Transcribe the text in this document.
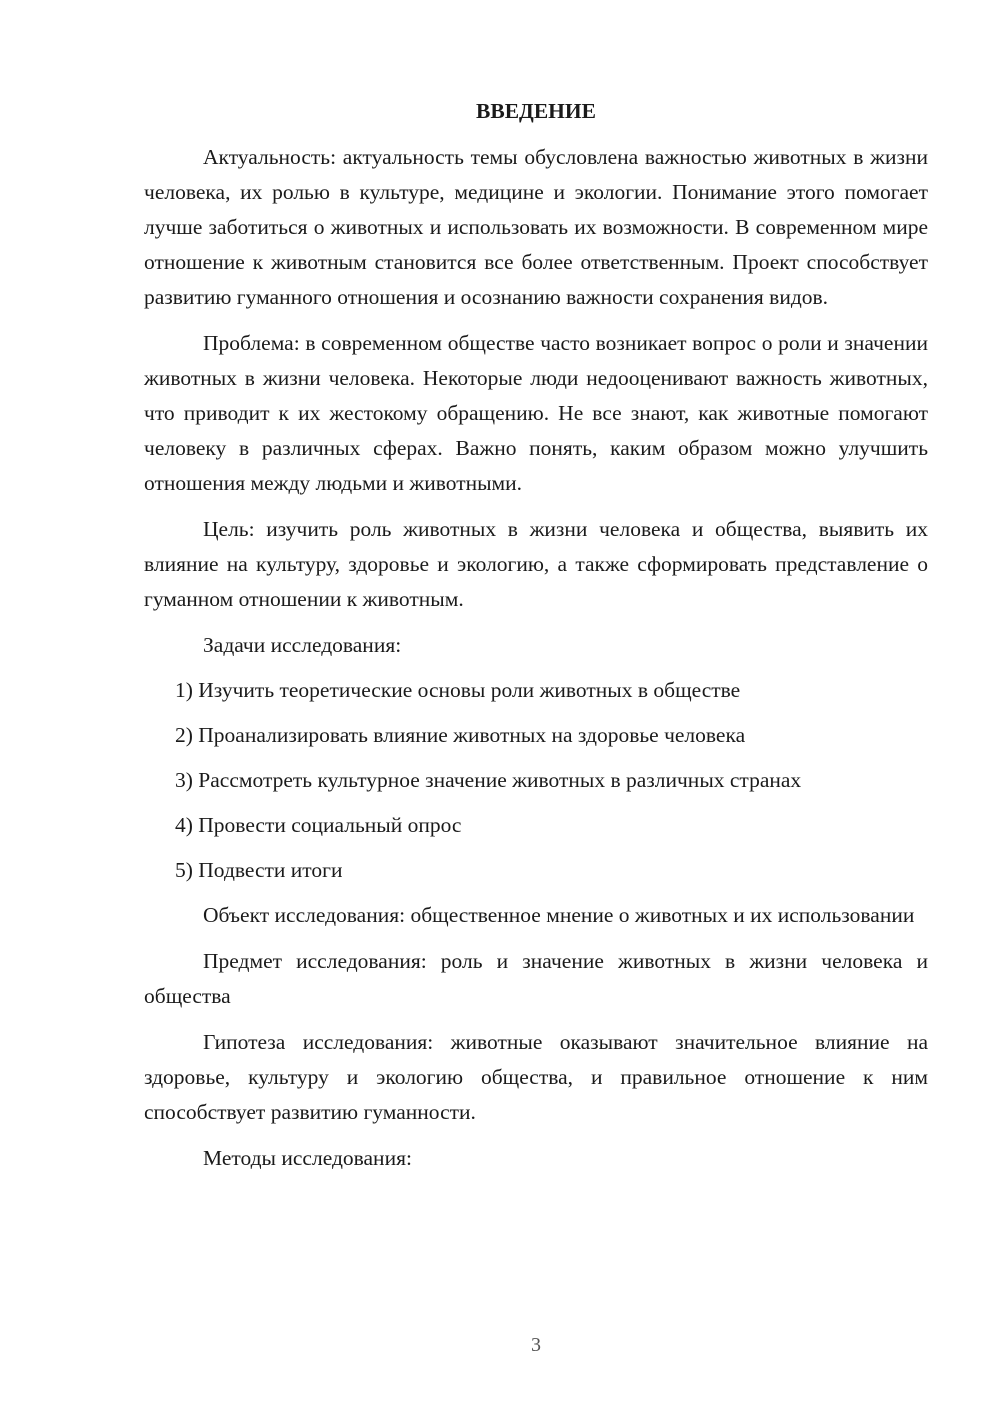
ВВЕДЕНИЕ

Актуальность: актуальность темы обусловлена важностью животных в жизни человека, их ролью в культуре, медицине и экологии. Понимание этого помогает лучше заботиться о животных и использовать их возможности. В современном мире отношение к животным становится все более ответственным. Проект способствует развитию гуманного отношения и осознанию важности сохранения видов.

Проблема: в современном обществе часто возникает вопрос о роли и значении животных в жизни человека. Некоторые люди недооценивают важность животных, что приводит к их жестокому обращению. Не все знают, как животные помогают человеку в различных сферах. Важно понять, каким образом можно улучшить отношения между людьми и животными.

Цель: изучить роль животных в жизни человека и общества, выявить их влияние на культуру, здоровье и экологию, а также сформировать представление о гуманном отношении к животным.

Задачи исследования:

1) Изучить теоретические основы роли животных в обществе
2) Проанализировать влияние животных на здоровье человека
3) Рассмотреть культурное значение животных в различных странах
4) Провести социальный опрос
5) Подвести итоги

Объект исследования: общественное мнение о животных и их использовании

Предмет исследования: роль и значение животных в жизни человека и общества

Гипотеза исследования: животные оказывают значительное влияние на здоровье, культуру и экологию общества, и правильное отношение к ним способствует развитию гуманности.

Методы исследования:

3
